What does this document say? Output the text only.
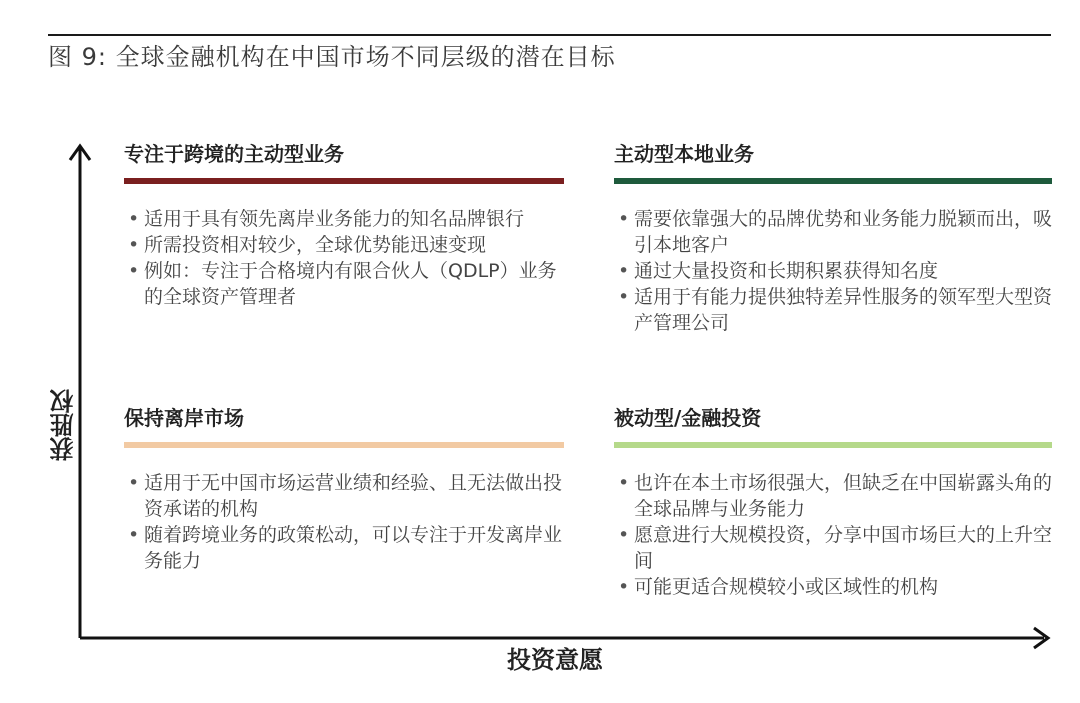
图 9: 全球金融机构在中国市场不同层级的潜在目标
获胜权
投资意愿
专注于跨境的主动型业务
• 适用于具有领先离岸业务能力的知名品牌银行
• 所需投资相对较少，全球优势能迅速变现
• 例如：专注于合格境内有限合伙人（QDLP）业务的全球资产管理者
主动型本地业务
• 需要依靠强大的品牌优势和业务能力脱颖而出，吸引本地客户
• 通过大量投资和长期积累获得知名度
• 适用于有能力提供独特差异性服务的领军型大型资产管理公司
保持离岸市场
• 适用于无中国市场运营业绩和经验、且无法做出投资承诺的机构
• 随着跨境业务的政策松动，可以专注于开发离岸业务能力
被动型/金融投资
• 也许在本土市场很强大，但缺乏在中国崭露头角的全球品牌与业务能力
• 愿意进行大规模投资，分享中国市场巨大的上升空间
• 可能更适合规模较小或区域性的机构
